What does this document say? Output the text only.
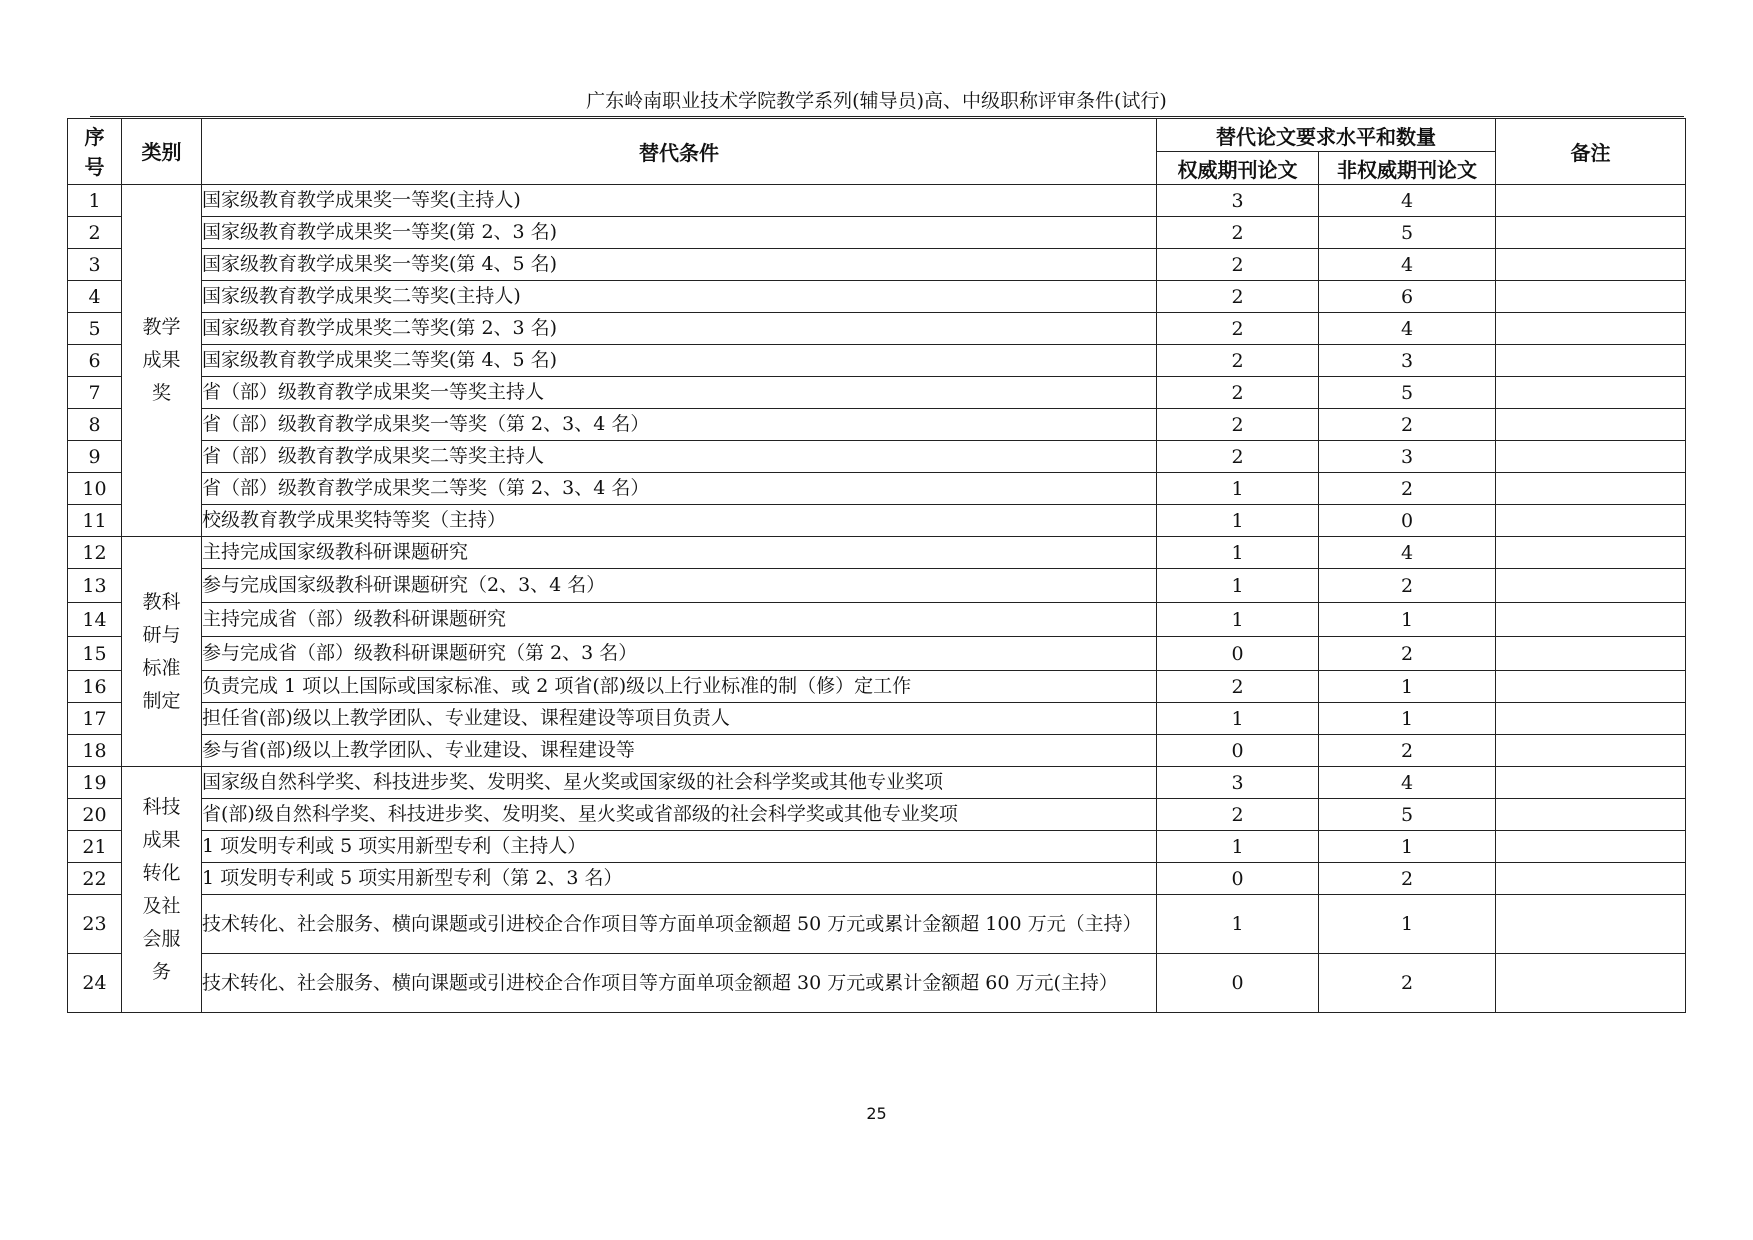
广东岭南职业技术学院教学系列(辅导员)高、中级职称评审条件(试行)
序号	类别	替代条件	替代论文要求水平和数量		备注
			权威期刊论文	非权威期刊论文	
1	教学成果奖	国家级教育教学成果奖一等奖(主持人)	3	4	
2		国家级教育教学成果奖一等奖(第 2、3 名)	2	5	
3		国家级教育教学成果奖一等奖(第 4、5 名)	2	4	
4		国家级教育教学成果奖二等奖(主持人)	2	6	
5		国家级教育教学成果奖二等奖(第 2、3 名)	2	4	
6		国家级教育教学成果奖二等奖(第 4、5 名)	2	3	
7		省（部）级教育教学成果奖一等奖主持人	2	5	
8		省（部）级教育教学成果奖一等奖（第 2、3、4 名）	2	2	
9		省（部）级教育教学成果奖二等奖主持人	2	3	
10		省（部）级教育教学成果奖二等奖（第 2、3、4 名）	1	2	
11		校级教育教学成果奖特等奖（主持）	1	0	
12	教科研与标准制定	主持完成国家级教科研课题研究	1	4	
13		参与完成国家级教科研课题研究（2、3、4 名）	1	2	
14		主持完成省（部）级教科研课题研究	1	1	
15		参与完成省（部）级教科研课题研究（第 2、3 名）	0	2	
16		负责完成 1 项以上国际或国家标准、或 2 项省(部)级以上行业标准的制（修）定工作	2	1	
17		担任省(部)级以上教学团队、专业建设、课程建设等项目负责人	1	1	
18		参与省(部)级以上教学团队、专业建设、课程建设等	0	2	
19	科技成果转化及社会服务	国家级自然科学奖、科技进步奖、发明奖、星火奖或国家级的社会科学奖或其他专业奖项	3	4	
20		省(部)级自然科学奖、科技进步奖、发明奖、星火奖或省部级的社会科学奖或其他专业奖项	2	5	
21		1 项发明专利或 5 项实用新型专利（主持人）	1	1	
22		1 项发明专利或 5 项实用新型专利（第 2、3 名）	0	2	
23		技术转化、社会服务、横向课题或引进校企合作项目等方面单项金额超 50 万元或累计金额超 100 万元（主持）	1	1	
24		技术转化、社会服务、横向课题或引进校企合作项目等方面单项金额超 30 万元或累计金额超 60 万元(主持）	0	2	
25
